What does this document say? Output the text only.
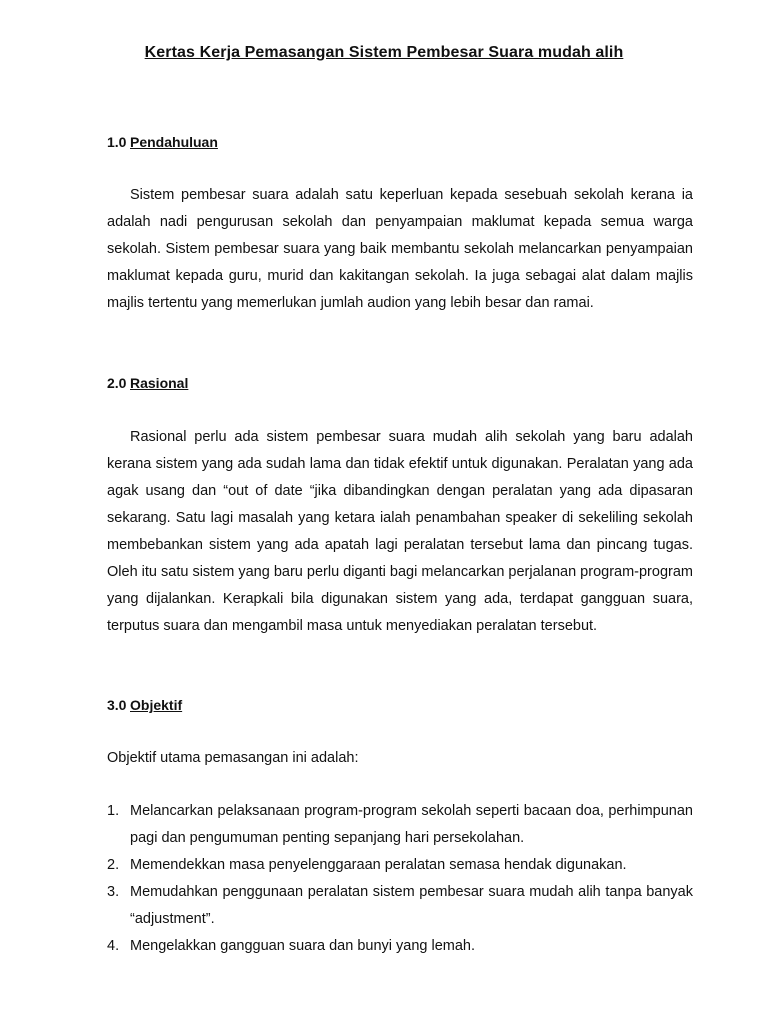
Kertas Kerja Pemasangan Sistem Pembesar Suara mudah alih
1.0 Pendahuluan

Sistem pembesar suara adalah satu keperluan kepada sesebuah sekolah kerana ia adalah nadi pengurusan sekolah dan penyampaian maklumat kepada semua warga sekolah. Sistem pembesar suara yang baik membantu sekolah melancarkan penyampaian maklumat kepada guru, murid dan kakitangan sekolah. Ia juga sebagai alat dalam majlis majlis tertentu yang memerlukan jumlah audion yang lebih besar dan ramai.

2.0 Rasional

Rasional perlu ada sistem pembesar suara mudah alih sekolah yang baru adalah kerana sistem yang ada sudah lama dan tidak efektif untuk digunakan. Peralatan yang ada agak usang dan “out of date “jika dibandingkan dengan peralatan yang ada dipasaran sekarang. Satu lagi masalah yang ketara ialah penambahan speaker di sekeliling sekolah membebankan sistem yang ada apatah lagi peralatan tersebut lama dan pincang tugas. Oleh itu satu sistem yang baru perlu diganti bagi melancarkan perjalanan program-program yang dijalankan. Kerapkali bila digunakan sistem yang ada, terdapat gangguan suara, terputus suara dan mengambil masa untuk menyediakan peralatan tersebut.

3.0 Objektif

Objektif utama pemasangan ini adalah:

1. Melancarkan pelaksanaan program-program sekolah seperti bacaan doa, perhimpunan pagi dan pengumuman penting sepanjang hari persekolahan.
2. Memendekkan masa penyelenggaraan peralatan semasa hendak digunakan.
3. Memudahkan penggunaan peralatan sistem pembesar suara mudah alih tanpa banyak “adjustment”.
4. Mengelakkan gangguan suara dan bunyi yang lemah.
